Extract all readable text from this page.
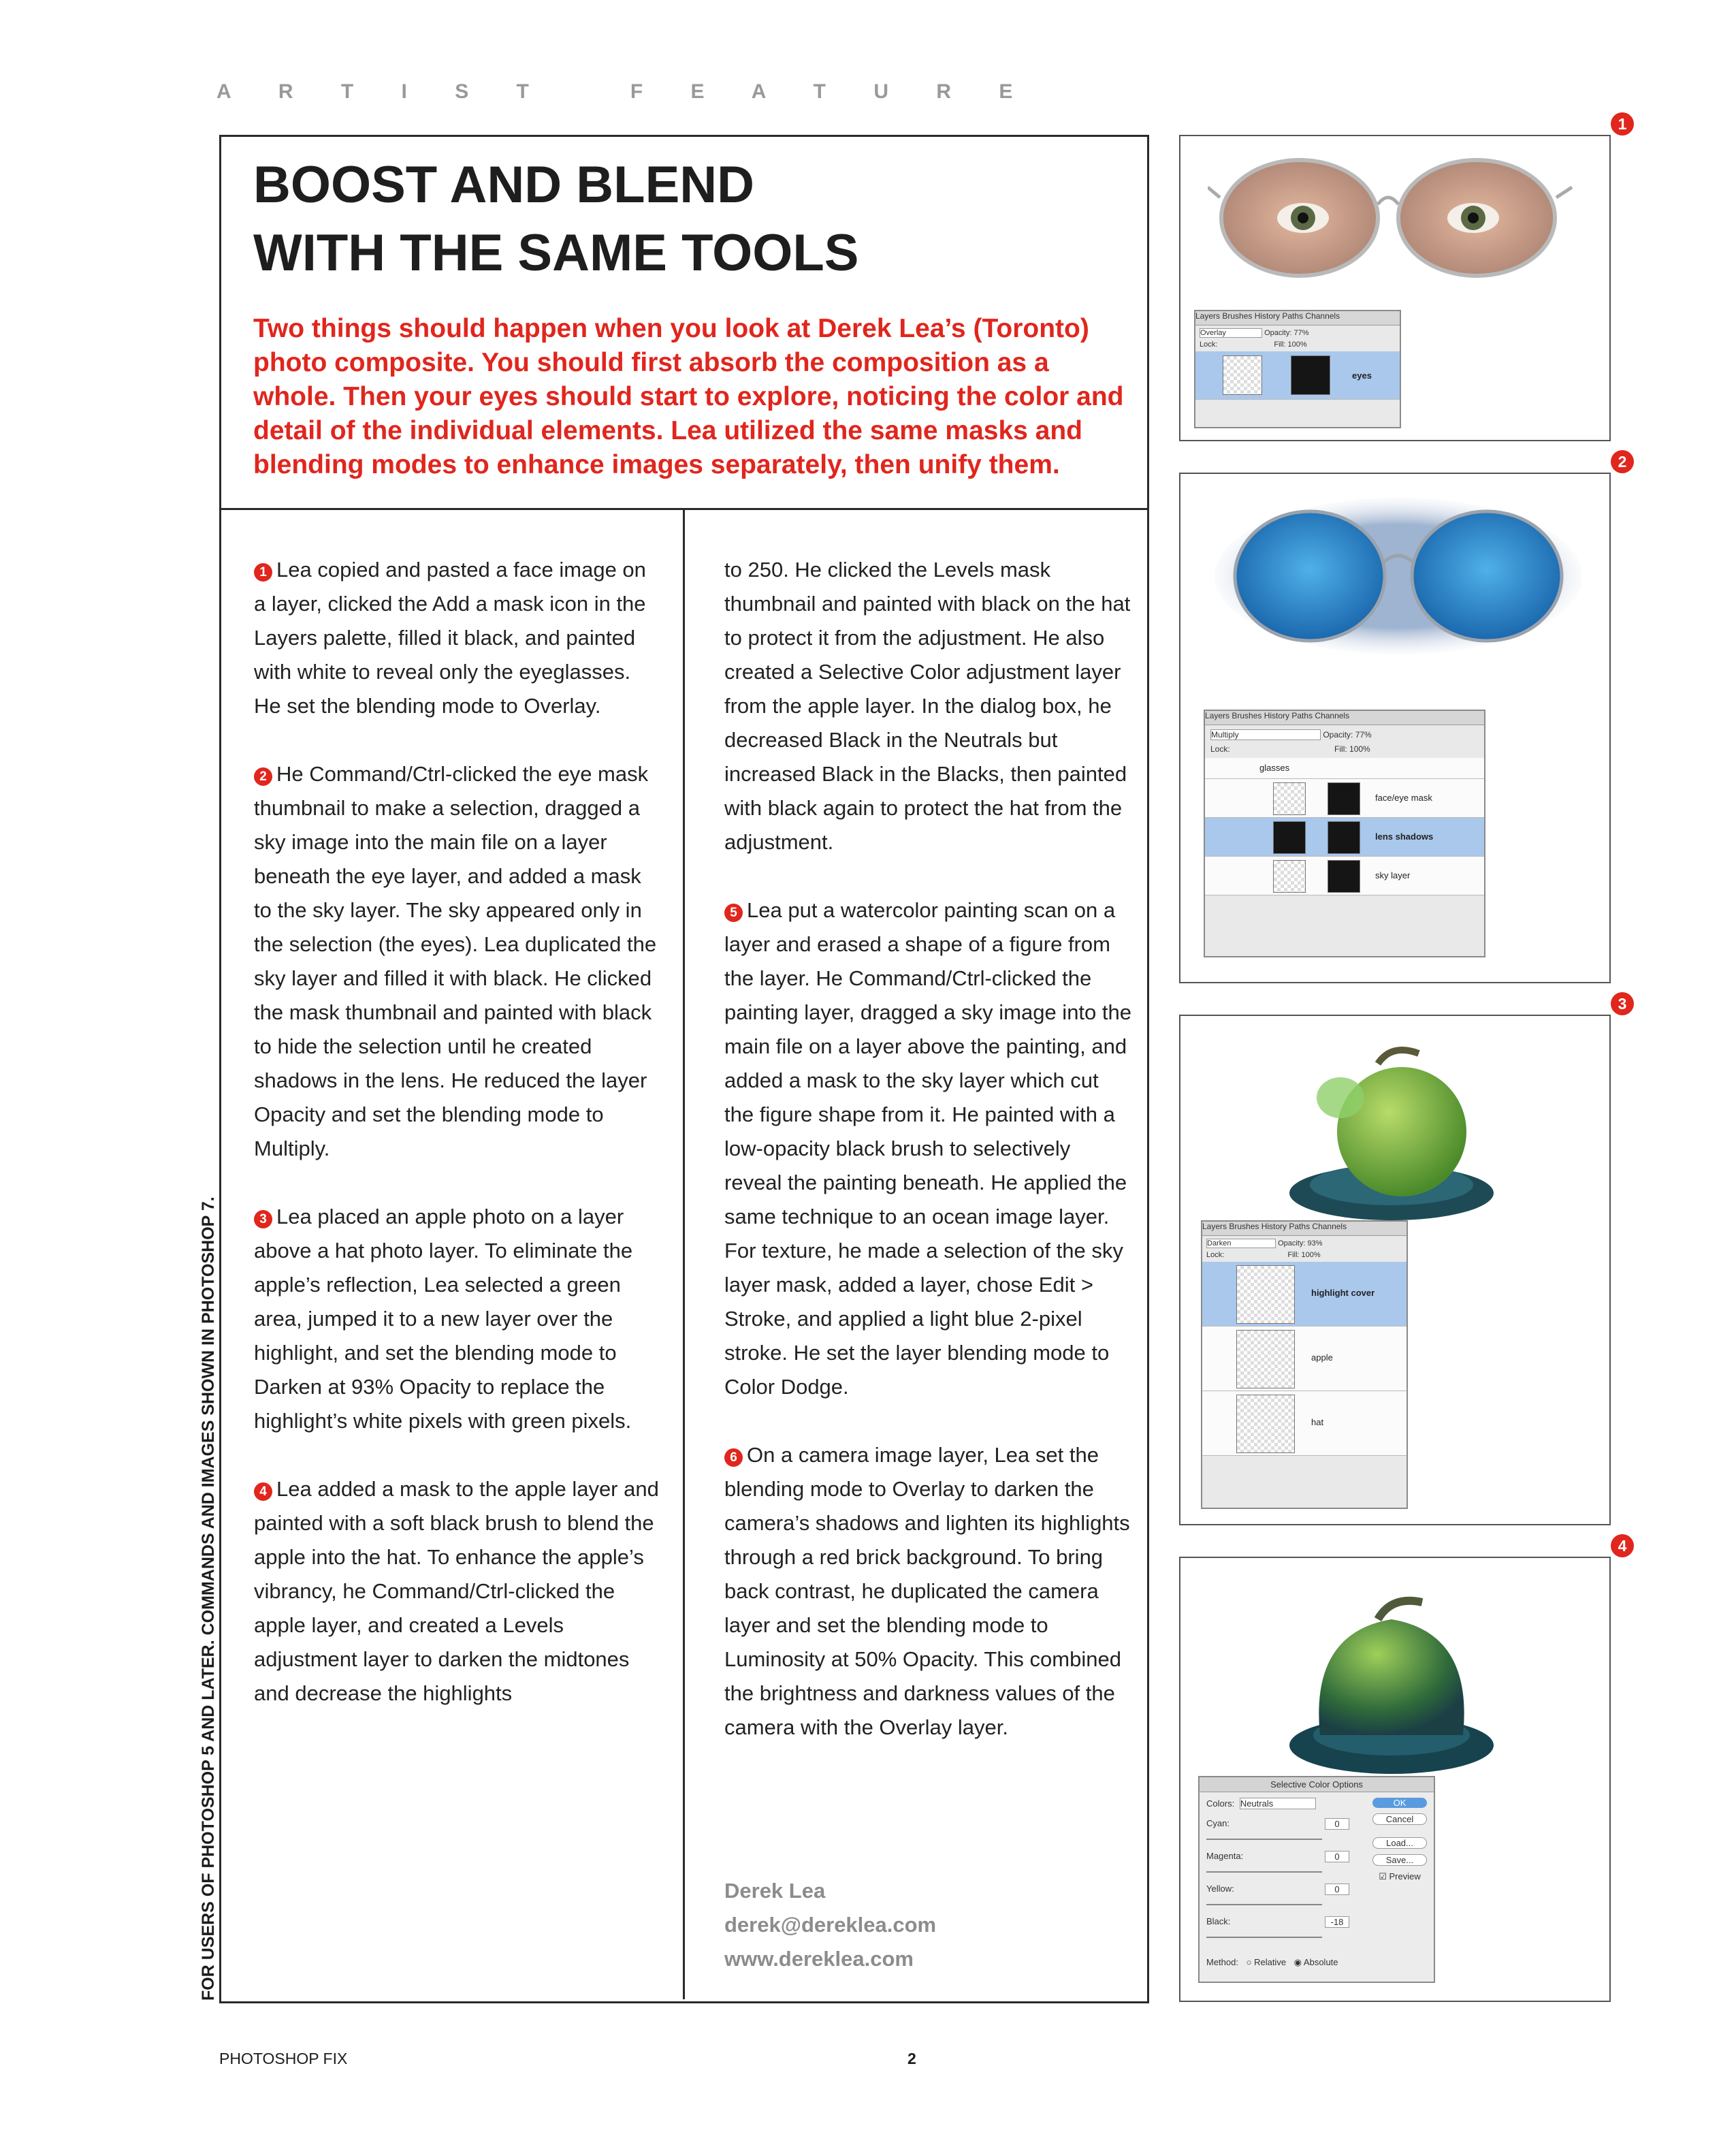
A R T I S T   F E A T U R E
BOOST AND BLEND
WITH THE SAME TOOLS
Two things should happen when you look at Derek Lea’s (Toronto) photo composite. You should first absorb the composition as a whole. Then your eyes should start to explore, noticing the color and detail of the individual elements. Lea utilized the same masks and blending modes to enhance images separately, then unify them.

1 Lea copied and pasted a face image on a layer, clicked the Add a mask icon in the Layers palette, filled it black, and painted with white to reveal only the eyeglasses. He set the blending mode to Overlay.

2 He Command/Ctrl-clicked the eye mask thumbnail to make a selection, dragged a sky image into the main file on a layer beneath the eye layer, and added a mask to the sky layer. The sky appeared only in the selection (the eyes). Lea duplicated the sky layer and filled it with black. He clicked the mask thumbnail and painted with black to hide the selection until he created shadows in the lens. He reduced the layer Opacity and set the blending mode to Multiply.

3 Lea placed an apple photo on a layer above a hat photo layer. To eliminate the apple’s reflection, Lea selected a green area, jumped it to a new layer over the highlight, and set the blending mode to Darken at 93% Opacity to replace the highlight’s white pixels with green pixels.

4 Lea added a mask to the apple layer and painted with a soft black brush to blend the apple into the hat. To enhance the apple’s vibrancy, he Command/Ctrl-clicked the apple layer, and created a Levels adjustment layer to darken the midtones and decrease the highlights

to 250. He clicked the Levels mask thumbnail and painted with black on the hat to protect it from the adjustment. He also created a Selective Color adjustment layer from the apple layer. In the dialog box, he decreased Black in the Neutrals but increased Black in the Blacks, then painted with black again to protect the hat from the adjustment.

5 Lea put a watercolor painting scan on a layer and erased a shape of a figure from the layer. He Command/Ctrl-clicked the painting layer, dragged a sky image into the main file on a layer above the painting, and added a mask to the sky layer which cut the figure shape from it. He painted with a low-opacity black brush to selectively reveal the painting beneath. He applied the same technique to an ocean image layer. For texture, he made a selection of the sky layer mask, added a layer, chose Edit > Stroke, and applied a light blue 2-pixel stroke. He set the layer blending mode to Color Dodge.

6 On a camera image layer, Lea set the blending mode to Overlay to darken the camera’s shadows and lighten its highlights through a red brick background. To bring back contrast, he duplicated the camera layer and set the blending mode to Luminosity at 50% Opacity. This combined the brightness and darkness values of the camera with the Overlay layer.

Derek Lea
derek@dereklea.com
www.dereklea.com
FOR USERS OF PHOTOSHOP 5 AND LATER. COMMANDS AND IMAGES SHOWN IN PHOTOSHOP 7.
PHOTOSHOP FIX	2
1
2
3
4
Layers Brushes History Paths Channels
Overlay	Opacity: 77%
Lock:	Fill: 100%
eyes
Layers Brushes History Paths Channels
Multiply	Opacity: 77%
Lock:	Fill: 100%
glasses
face/eye mask
lens shadows
sky layer
Layers Brushes History Paths Channels
Darken	Opacity: 93%
Lock:	Fill: 100%
highlight cover
apple
hat
Selective Color Options
Colors: Neutrals
Cyan:	0
Magenta:	0
Yellow:	0
Black:	-18
Method: ○ Relative ◉ Absolute
OK
Cancel
Load...
Save...
☑ Preview
